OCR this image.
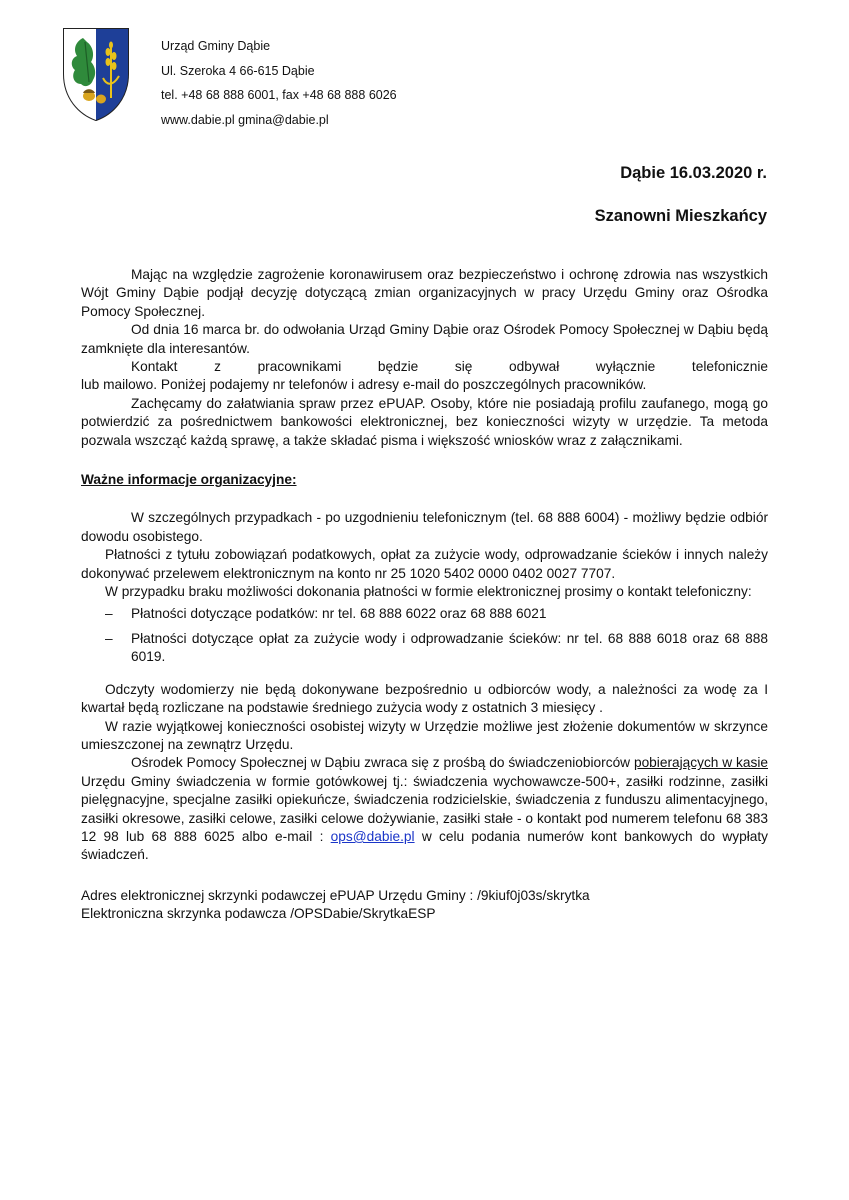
Urząd Gminy Dąbie
Ul. Szeroka 4 66-615 Dąbie
tel. +48 68 888 6001, fax +48 68 888 6026
www.dabie.pl gmina@dabie.pl
Dąbie 16.03.2020 r.
Szanowni Mieszkańcy

Mając na względzie zagrożenie koronawirusem oraz bezpieczeństwo i ochronę zdrowia nas wszystkich Wójt Gminy Dąbie podjął decyzję dotyczącą zmian organizacyjnych w pracy Urzędu Gminy oraz Ośrodka Pomocy Społecznej.

Od dnia 16 marca br. do odwołania Urząd Gminy Dąbie oraz Ośrodek Pomocy Społecznej w Dąbiu będą zamknięte dla interesantów.

Kontakt z pracownikami będzie się odbywał wyłącznie telefonicznie

lub mailowo. Poniżej podajemy nr telefonów i adresy e-mail do poszczególnych pracowników.

Zachęcamy do załatwiania spraw przez ePUAP. Osoby, które nie posiadają profilu zaufanego, mogą go potwierdzić za pośrednictwem bankowości elektronicznej, bez konieczności wizyty w urzędzie. Ta metoda pozwala wszcząć każdą sprawę, a także składać pisma i większość wniosków wraz z załącznikami.

Ważne informacje organizacyjne:

W szczególnych przypadkach - po uzgodnieniu telefonicznym (tel. 68 888 6004) - możliwy będzie odbiór dowodu osobistego.

Płatności z tytułu zobowiązań podatkowych, opłat za zużycie wody, odprowadzanie ścieków i innych należy dokonywać przelewem elektronicznym na konto nr 25 1020 5402 0000 0402 0027 7707.

W przypadku braku możliwości dokonania płatności w formie elektronicznej prosimy o kontakt telefoniczny:

– Płatności dotyczące podatków: nr tel. 68 888 6022 oraz 68 888 6021
– Płatności dotyczące opłat za zużycie wody i odprowadzanie ścieków: nr tel. 68 888 6018 oraz 68 888 6019.

Odczyty wodomierzy nie będą dokonywane bezpośrednio u odbiorców wody, a należności za wodę za I kwartał będą rozliczane na podstawie średniego zużycia wody z ostatnich 3 miesięcy .

W razie wyjątkowej konieczności osobistej wizyty w Urzędzie możliwe jest złożenie dokumentów w skrzynce umieszczonej na zewnątrz Urzędu.

Ośrodek Pomocy Społecznej w Dąbiu zwraca się z prośbą do świadczeniobiorców pobierających w kasie Urzędu Gminy świadczenia w formie gotówkowej tj.: świadczenia wychowawcze-500+, zasiłki rodzinne, zasiłki pielęgnacyjne, specjalne zasiłki opiekuńcze, świadczenia rodzicielskie, świadczenia z funduszu alimentacyjnego, zasiłki okresowe, zasiłki celowe, zasiłki celowe dożywianie, zasiłki stałe - o kontakt pod numerem telefonu 68 383 12 98 lub 68 888 6025 albo e-mail : ops@dabie.pl w celu podania numerów kont bankowych do wypłaty świadczeń.

Adres elektronicznej skrzynki podawczej ePUAP Urzędu Gminy : /9kiuf0j03s/skrytka

Elektroniczna skrzynka podawcza /OPSDabie/SkrytkaESP
